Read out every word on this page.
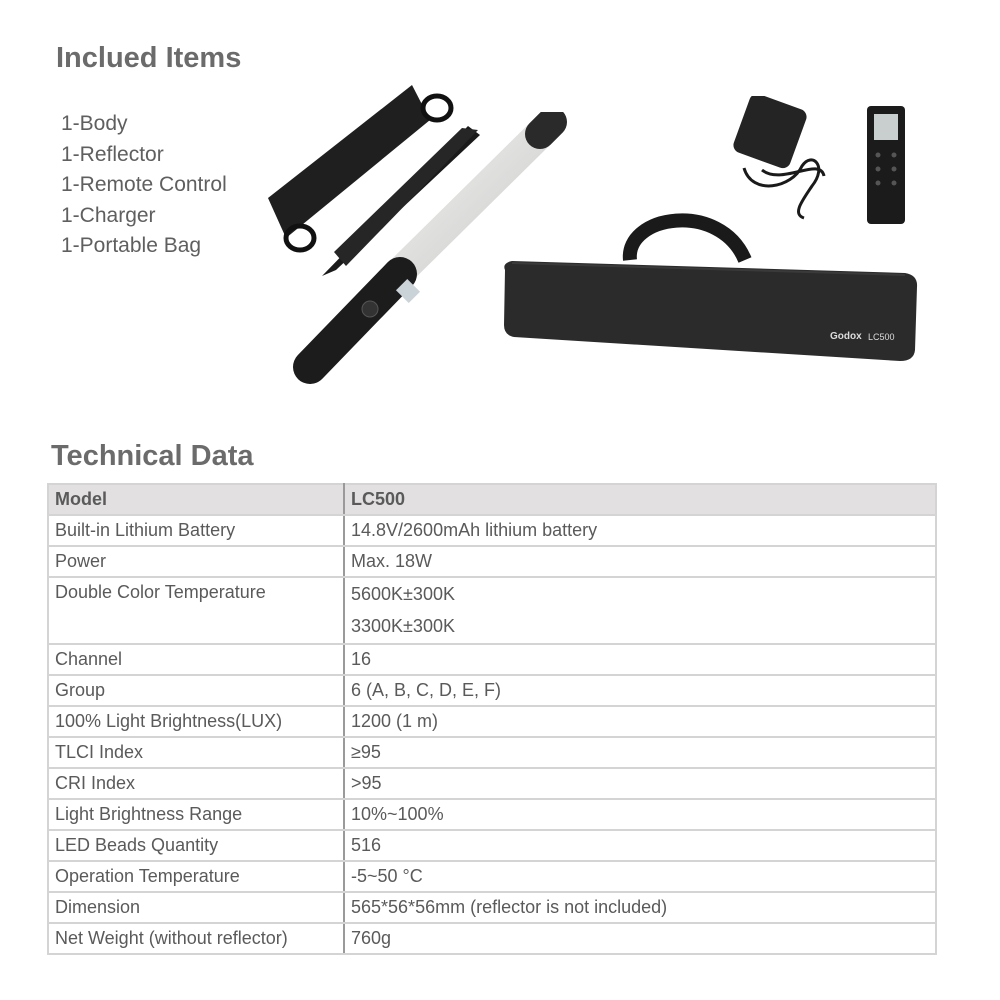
Inclued Items
1-Body
1-Reflector
1-Remote Control
1-Charger
1-Portable Bag
Godox LC500
Technical Data
Model	LC500
Built-in Lithium Battery	14.8V/2600mAh lithium battery
Power	Max. 18W
Double Color Temperature	5600K±300K
3300K±300K

Channel	16
Group	6 (A, B, C, D, E, F)
100% Light Brightness(LUX)	1200 (1 m)
TLCI Index	≥95
CRI Index	>95
Light Brightness Range	10%~100%
LED Beads Quantity	516
Operation Temperature	-5~50 °C
Dimension	565*56*56mm (reflector is not included)
Net Weight (without reflector)	760g
